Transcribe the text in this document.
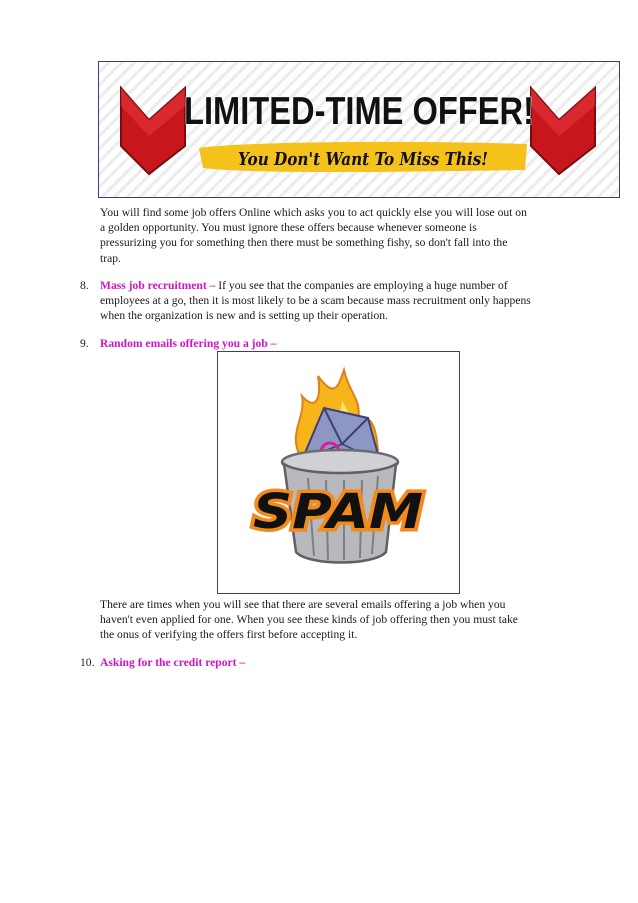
LIMITED-TIME OFFER!
You Don't Want To Miss This!

You will find some job offers Online which asks you to act quickly else you will lose out on
a golden opportunity. You must ignore these offers because whenever someone is
pressurizing you for something then there must be something fishy, so don't fall into the
trap.

8. Mass job recruitment – If you see that the companies are employing a huge number of
employees at a go, then it is most likely to be a scam because mass recruitment only happens
when the organization is new and is setting up their operation.

9. Random emails offering you a job –

SPAM

There are times when you will see that there are several emails offering a job when you
haven't even applied for one. When you see these kinds of job offering then you must take
the onus of verifying the offers first before accepting it.

10. Asking for the credit report –
